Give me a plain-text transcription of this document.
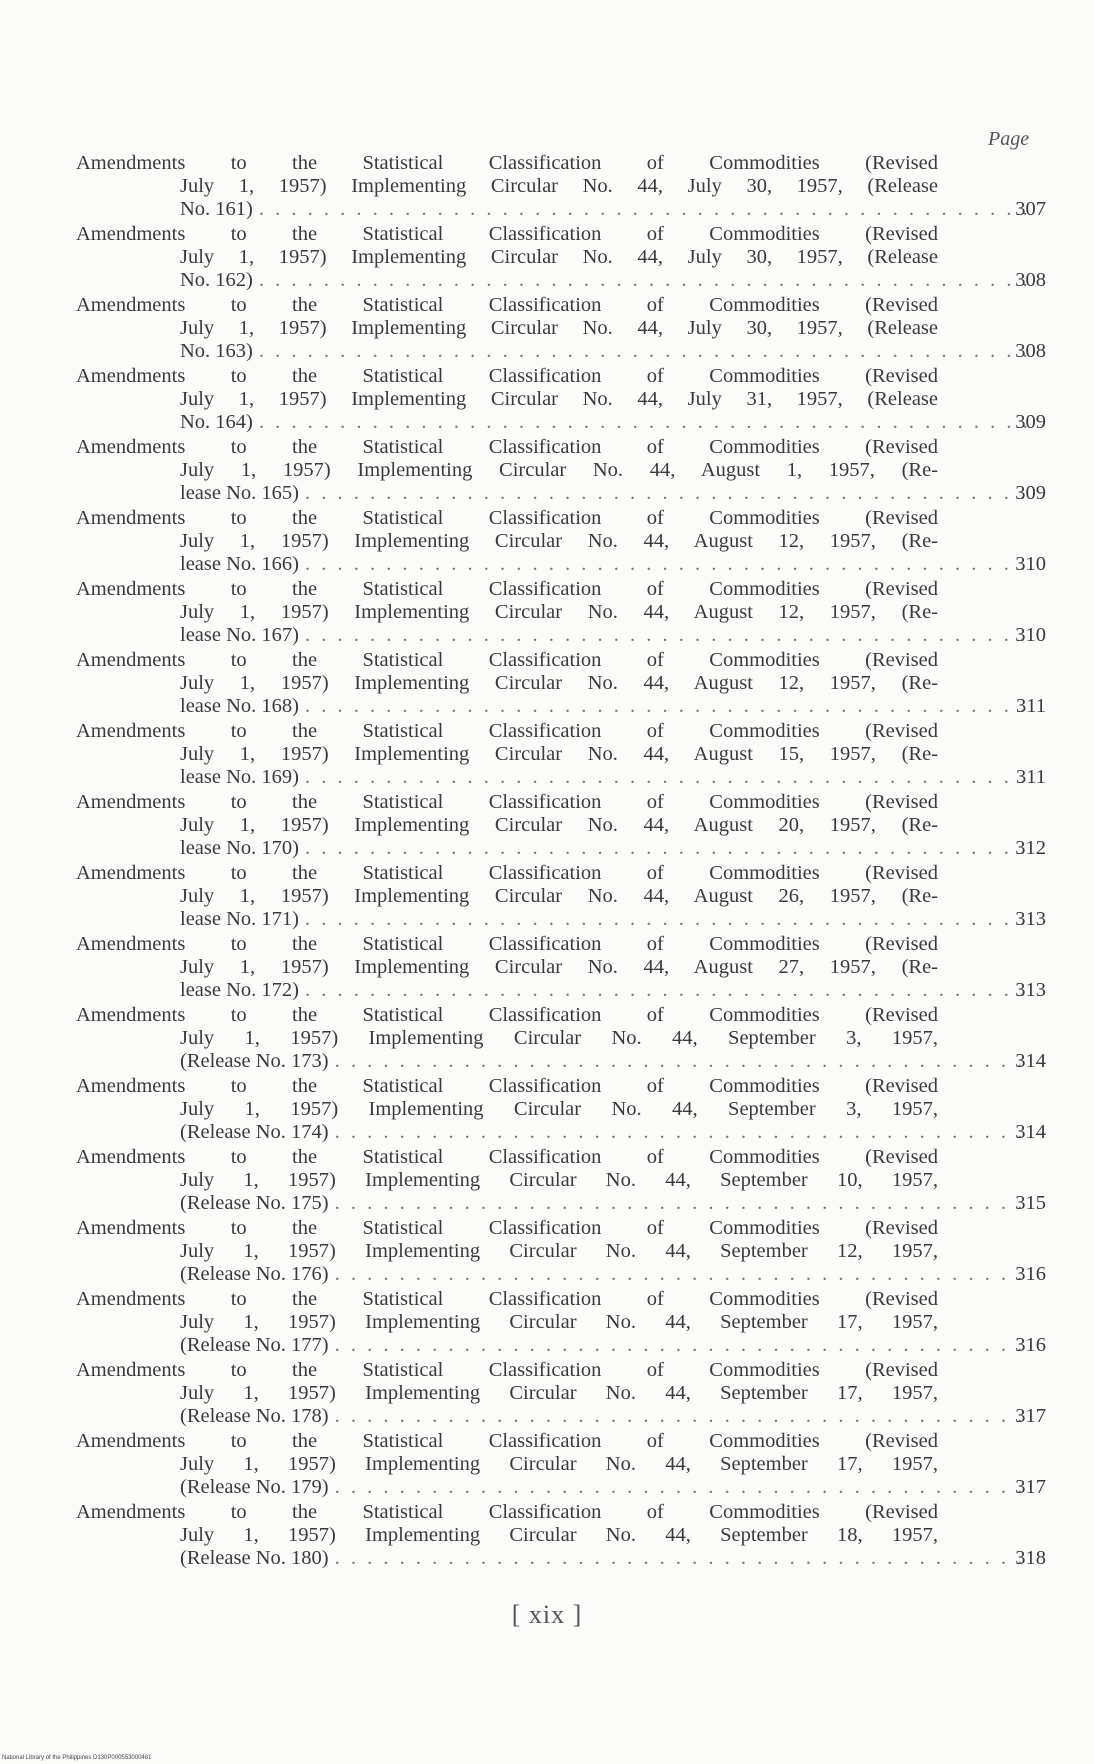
Page
Amendments to the Statistical Classification of Commodities (Revised
July 1, 1957) Implementing Circular No. 44, July 30, 1957, (Release
No. 161) . . .	307
Amendments to the Statistical Classification of Commodities (Revised
July 1, 1957) Implementing Circular No. 44, July 30, 1957, (Release
No. 162) . . .	308
Amendments to the Statistical Classification of Commodities (Revised
July 1, 1957) Implementing Circular No. 44, July 30, 1957, (Release
No. 163) . . .	308
Amendments to the Statistical Classification of Commodities (Revised
July 1, 1957) Implementing Circular No. 44, July 31, 1957, (Release
No. 164) . . .	309
Amendments to the Statistical Classification of Commodities (Revised
July 1, 1957) Implementing Circular No. 44, August 1, 1957, (Re-
lease No. 165) . . .	309
Amendments to the Statistical Classification of Commodities (Revised
July 1, 1957) Implementing Circular No. 44, August 12, 1957, (Re-
lease No. 166) . . .	310
Amendments to the Statistical Classification of Commodities (Revised
July 1, 1957) Implementing Circular No. 44, August 12, 1957, (Re-
lease No. 167) . . .	310
Amendments to the Statistical Classification of Commodities (Revised
July 1, 1957) Implementing Circular No. 44, August 12, 1957, (Re-
lease No. 168) . . .	311
Amendments to the Statistical Classification of Commodities (Revised
July 1, 1957) Implementing Circular No. 44, August 15, 1957, (Re-
lease No. 169) . . .	311
Amendments to the Statistical Classification of Commodities (Revised
July 1, 1957) Implementing Circular No. 44, August 20, 1957, (Re-
lease No. 170) . . .	312
Amendments to the Statistical Classification of Commodities (Revised
July 1, 1957) Implementing Circular No. 44, August 26, 1957, (Re-
lease No. 171) . . .	313
Amendments to the Statistical Classification of Commodities (Revised
July 1, 1957) Implementing Circular No. 44, August 27, 1957, (Re-
lease No. 172) . . .	313
Amendments to the Statistical Classification of Commodities (Revised
July 1, 1957) Implementing Circular No. 44, September 3, 1957,
(Release No. 173) . . .	314
Amendments to the Statistical Classification of Commodities (Revised
July 1, 1957) Implementing Circular No. 44, September 3, 1957,
(Release No. 174) . . .	314
Amendments to the Statistical Classification of Commodities (Revised
July 1, 1957) Implementing Circular No. 44, September 10, 1957,
(Release No. 175) . . .	315
Amendments to the Statistical Classification of Commodities (Revised
July 1, 1957) Implementing Circular No. 44, September 12, 1957,
(Release No. 176) . . .	316
Amendments to the Statistical Classification of Commodities (Revised
July 1, 1957) Implementing Circular No. 44, September 17, 1957,
(Release No. 177) . . .	316
Amendments to the Statistical Classification of Commodities (Revised
July 1, 1957) Implementing Circular No. 44, September 17, 1957,
(Release No. 178) . . .	317
Amendments to the Statistical Classification of Commodities (Revised
July 1, 1957) Implementing Circular No. 44, September 17, 1957,
(Release No. 179) . . .	317
Amendments to the Statistical Classification of Commodities (Revised
July 1, 1957) Implementing Circular No. 44, September 18, 1957,
(Release No. 180) . . .	318
[ xix ]
National Library of the Philippines D130P000553000481
